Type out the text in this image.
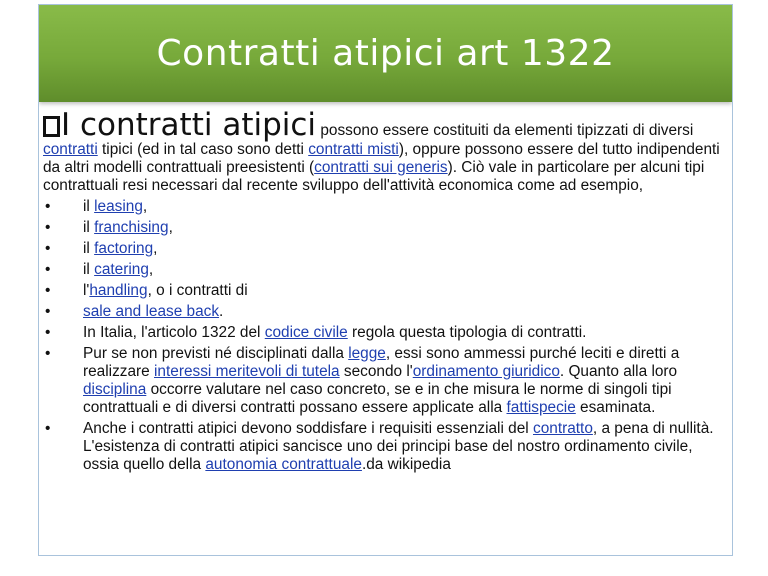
Contratti atipici art 1322
I contratti atipici possono essere costituiti da elementi tipizzati di diversi contratti tipici (ed in tal caso sono detti contratti misti), oppure possono essere del tutto indipendenti da altri modelli contrattuali preesistenti (contratti sui generis). Ciò vale in particolare per alcuni tipi contrattuali resi necessari dal recente sviluppo dell'attività economica come ad esempio,
• il leasing,
• il franchising,
• il factoring,
• il catering,
• l'handling, o i contratti di
• sale and lease back.
• In Italia, l'articolo 1322 del codice civile regola questa tipologia di contratti.
• Pur se non previsti né disciplinati dalla legge, essi sono ammessi purché leciti e diretti a realizzare interessi meritevoli di tutela secondo l'ordinamento giuridico. Quanto alla loro disciplina occorre valutare nel caso concreto, se e in che misura le norme di singoli tipi contrattuali e di diversi contratti possano essere applicate alla fattispecie esaminata.
• Anche i contratti atipici devono soddisfare i requisiti essenziali del contratto, a pena di nullità. L'esistenza di contratti atipici sancisce uno dei principi base del nostro ordinamento civile, ossia quello della autonomia contrattuale.da wikipedia
